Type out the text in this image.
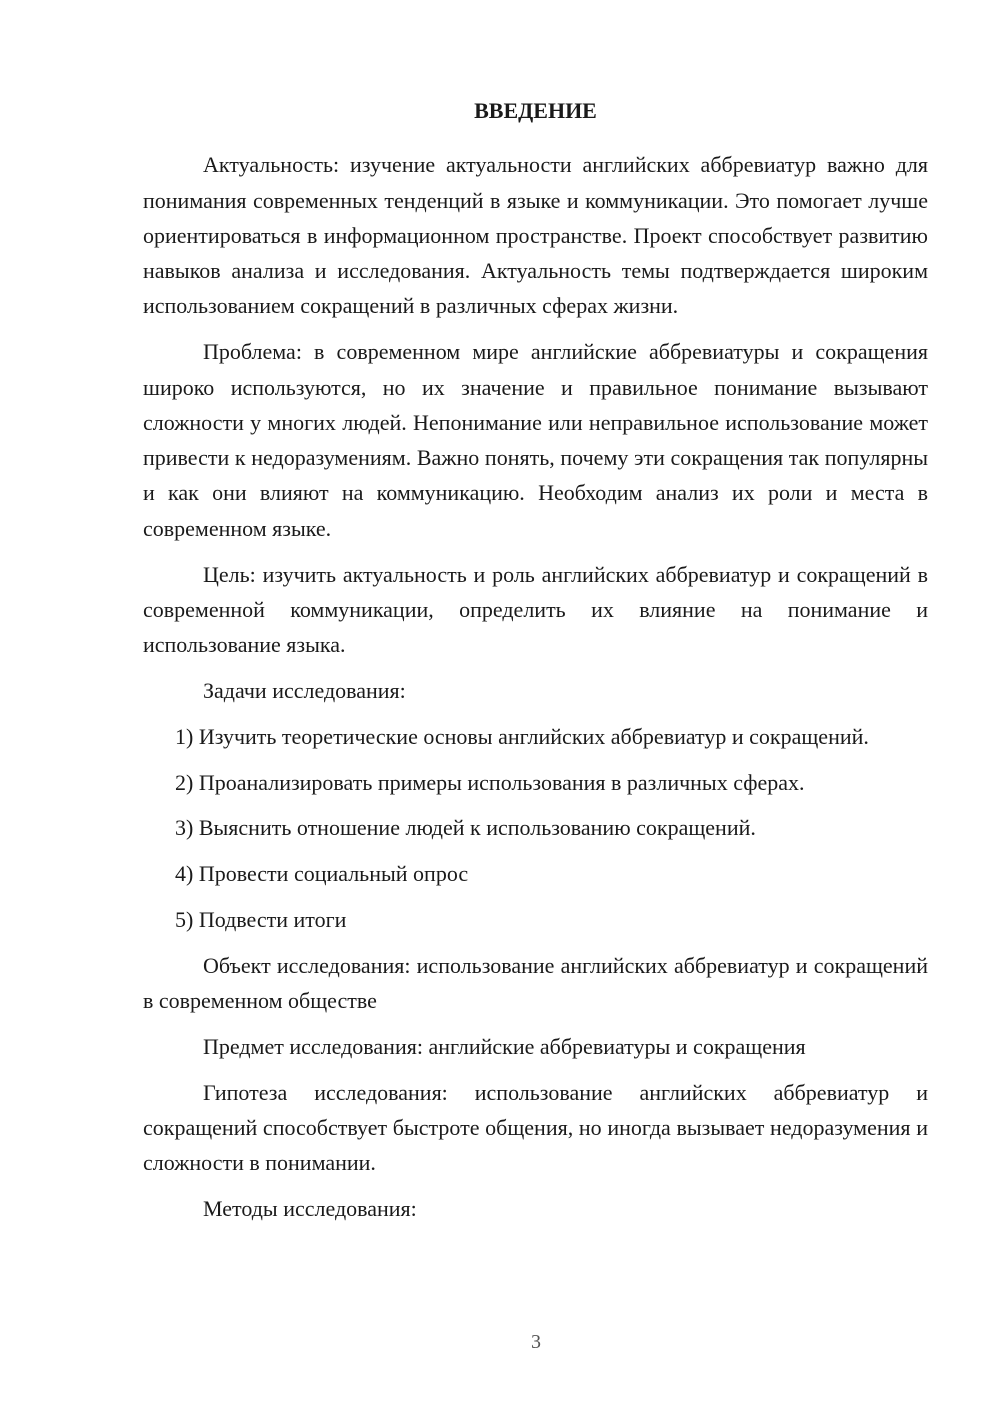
ВВЕДЕНИЕ

Актуальность: изучение актуальности английских аббревиатур важно для понимания современных тенденций в языке и коммуникации. Это помогает лучше ориентироваться в информационном пространстве. Проект способствует развитию навыков анализа и исследования. Актуальность темы подтверждается широким использованием сокращений в различных сферах жизни.

Проблема: в современном мире английские аббревиатуры и сокращения широко используются, но их значение и правильное понимание вызывают сложности у многих людей. Непонимание или неправильное использование может привести к недоразумениям. Важно понять, почему эти сокращения так популярны и как они влияют на коммуникацию. Необходим анализ их роли и места в современном языке.

Цель: изучить актуальность и роль английских аббревиатур и сокращений в современной коммуникации, определить их влияние на понимание и использование языка.

Задачи исследования:

1) Изучить теоретические основы английских аббревиатур и сокращений.

2) Проанализировать примеры использования в различных сферах.

3) Выяснить отношение людей к использованию сокращений.

4) Провести социальный опрос

5) Подвести итоги

Объект исследования: использование английских аббревиатур и сокращений в современном обществе

Предмет исследования: английские аббревиатуры и сокращения

Гипотеза исследования: использование английских аббревиатур и сокращений способствует быстроте общения, но иногда вызывает недоразумения и сложности в понимании.

Методы исследования:

3
